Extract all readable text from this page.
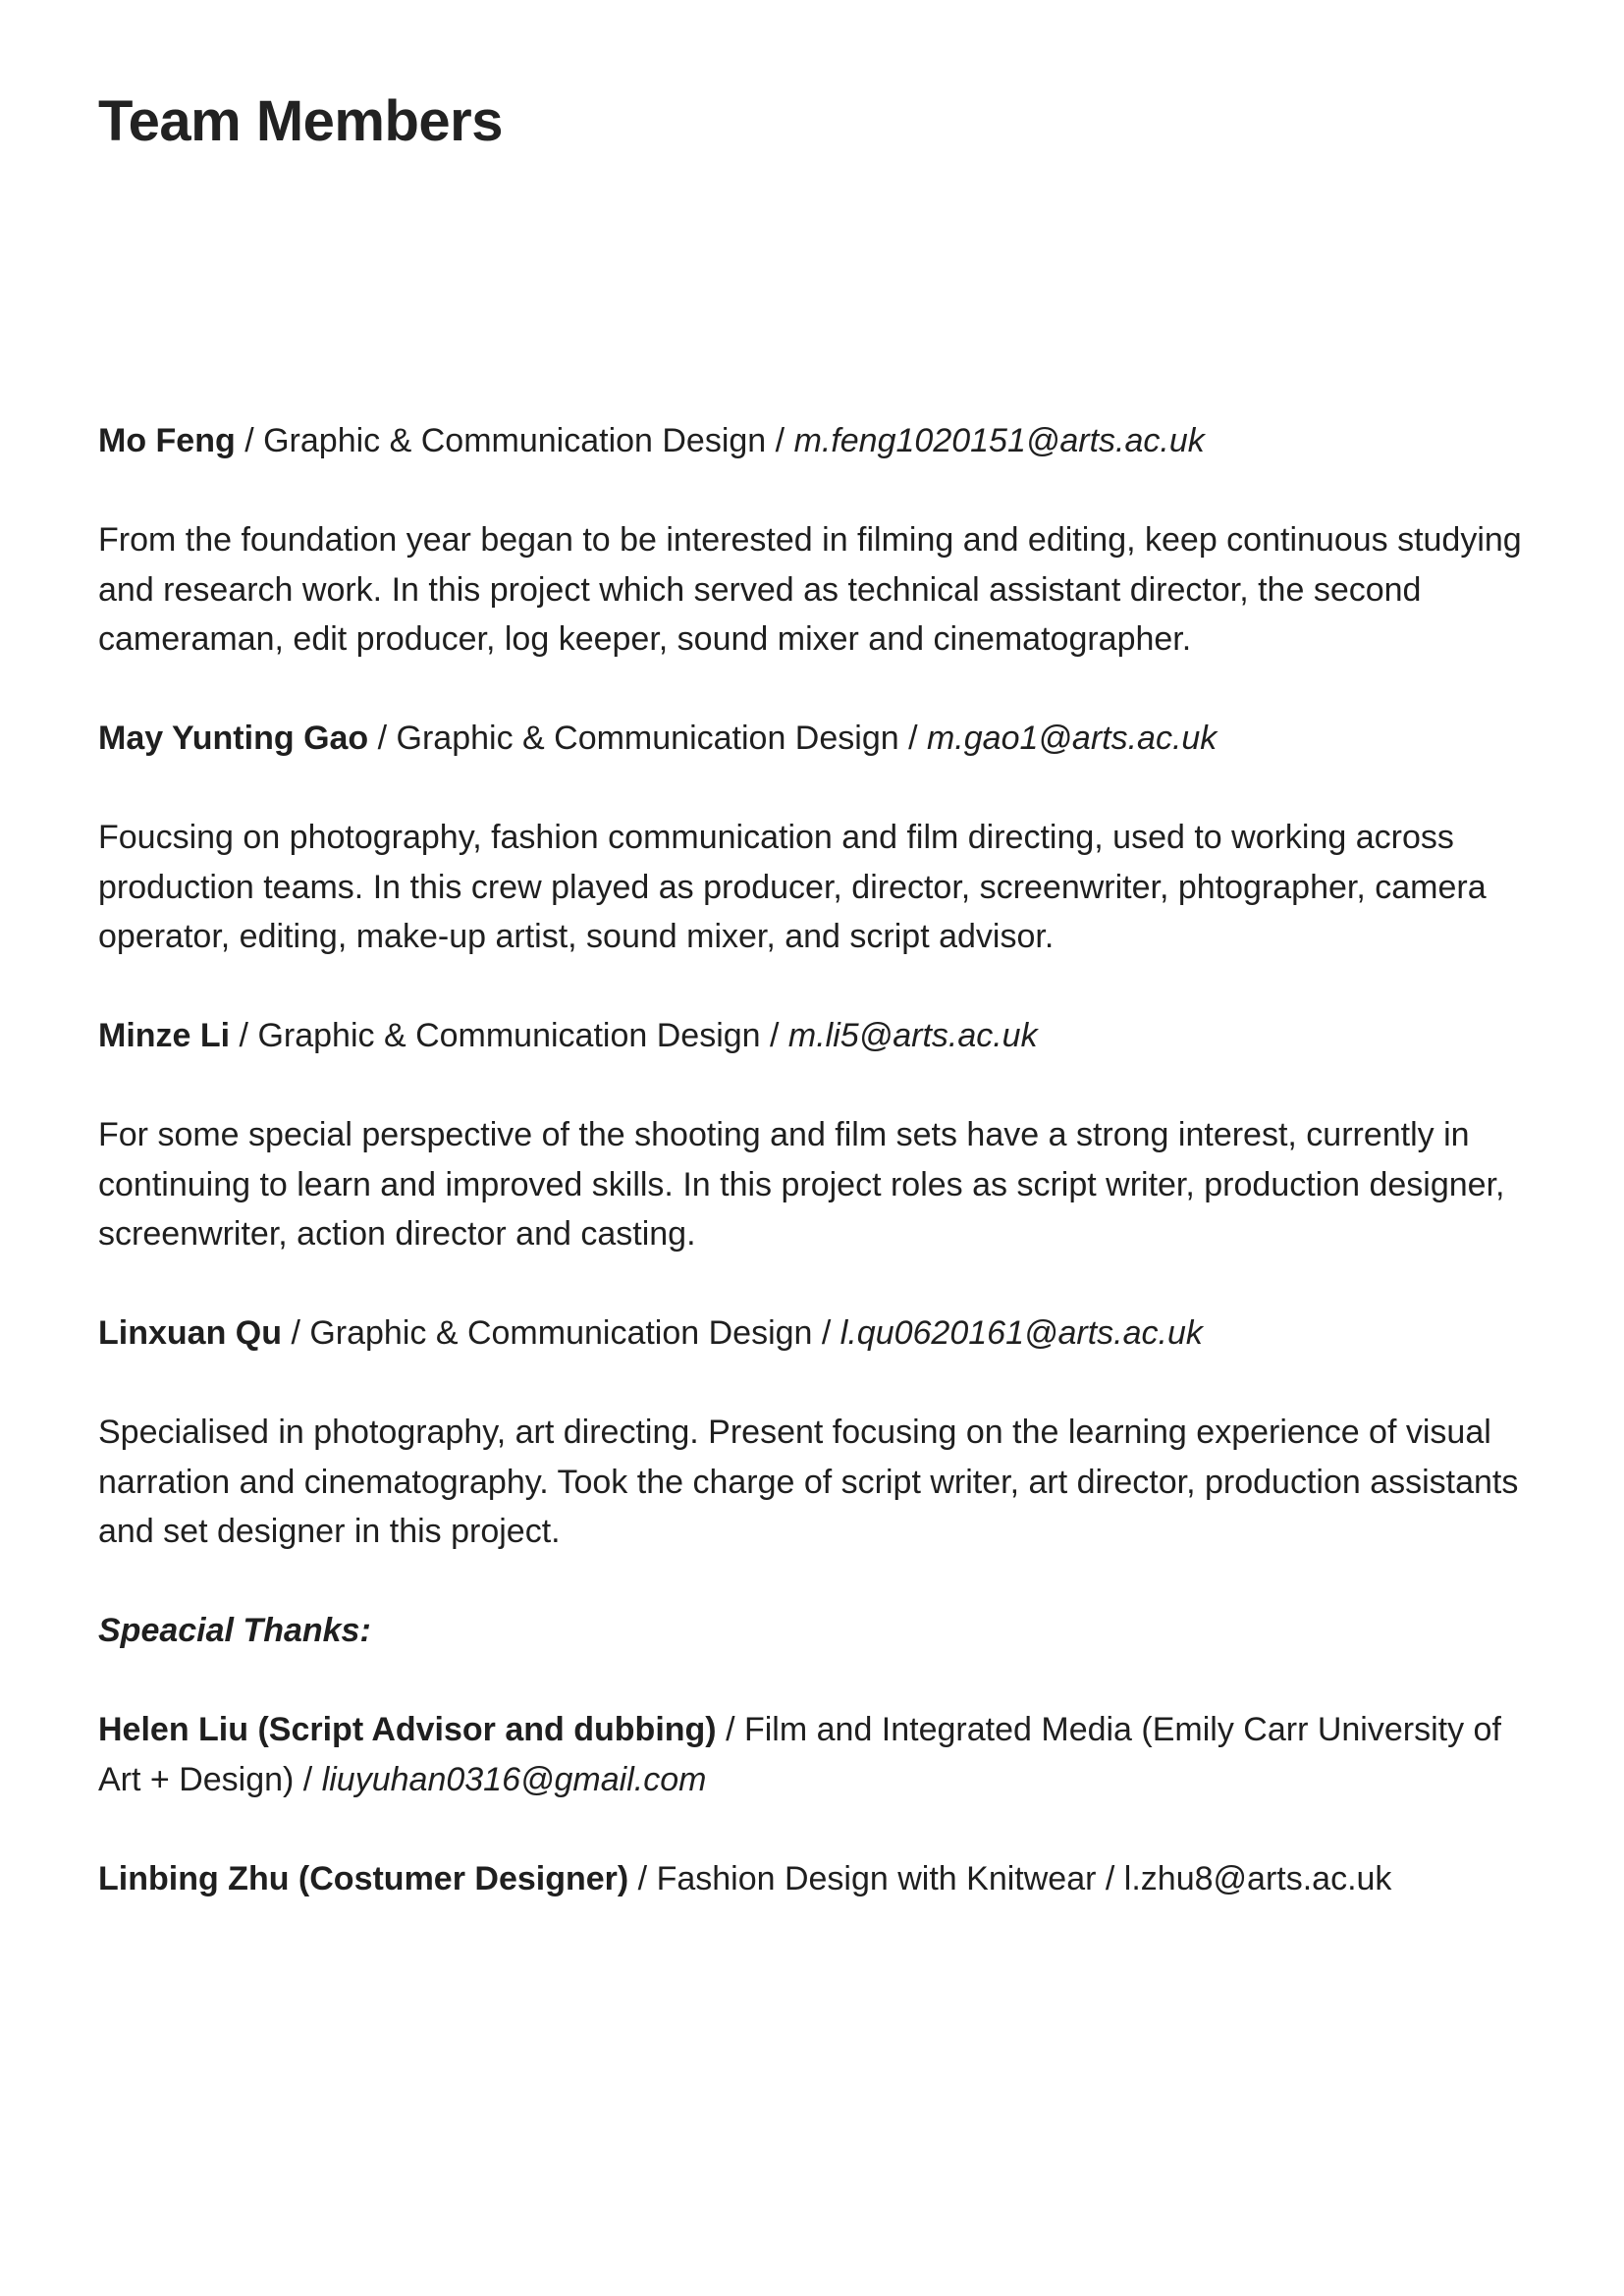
Team Members

Mo Feng / Graphic & Communication Design / m.feng1020151@arts.ac.uk

From the foundation year began to be interested in filming and editing, keep continuous studying and research work. In this project which served as technical assistant director, the second cameraman, edit producer, log keeper, sound mixer and cinematographer.

May Yunting Gao / Graphic & Communication Design / m.gao1@arts.ac.uk

Foucsing on photography, fashion communication and film directing, used to working across production teams. In this crew played as producer, director, screenwriter, phtographer, camera operator, editing, make-up artist, sound mixer, and script advisor.

Minze Li / Graphic & Communication Design / m.li5@arts.ac.uk

For some special perspective of the shooting and film sets have a strong interest, currently in continuing to learn and improved skills. In this project roles as script writer, production designer, screenwriter, action director and casting.

Linxuan Qu / Graphic & Communication Design / l.qu0620161@arts.ac.uk

Specialised in photography, art directing. Present focusing on the learning experience of visual narration and cinematography. Took the charge of script writer, art director, production assistants and set designer in this project.

Speacial Thanks:

Helen Liu (Script Advisor and dubbing) / Film and Integrated Media (Emily Carr University of Art + Design) / liuyuhan0316@gmail.com

Linbing Zhu (Costumer Designer) / Fashion Design with Knitwear / l.zhu8@arts.ac.uk
